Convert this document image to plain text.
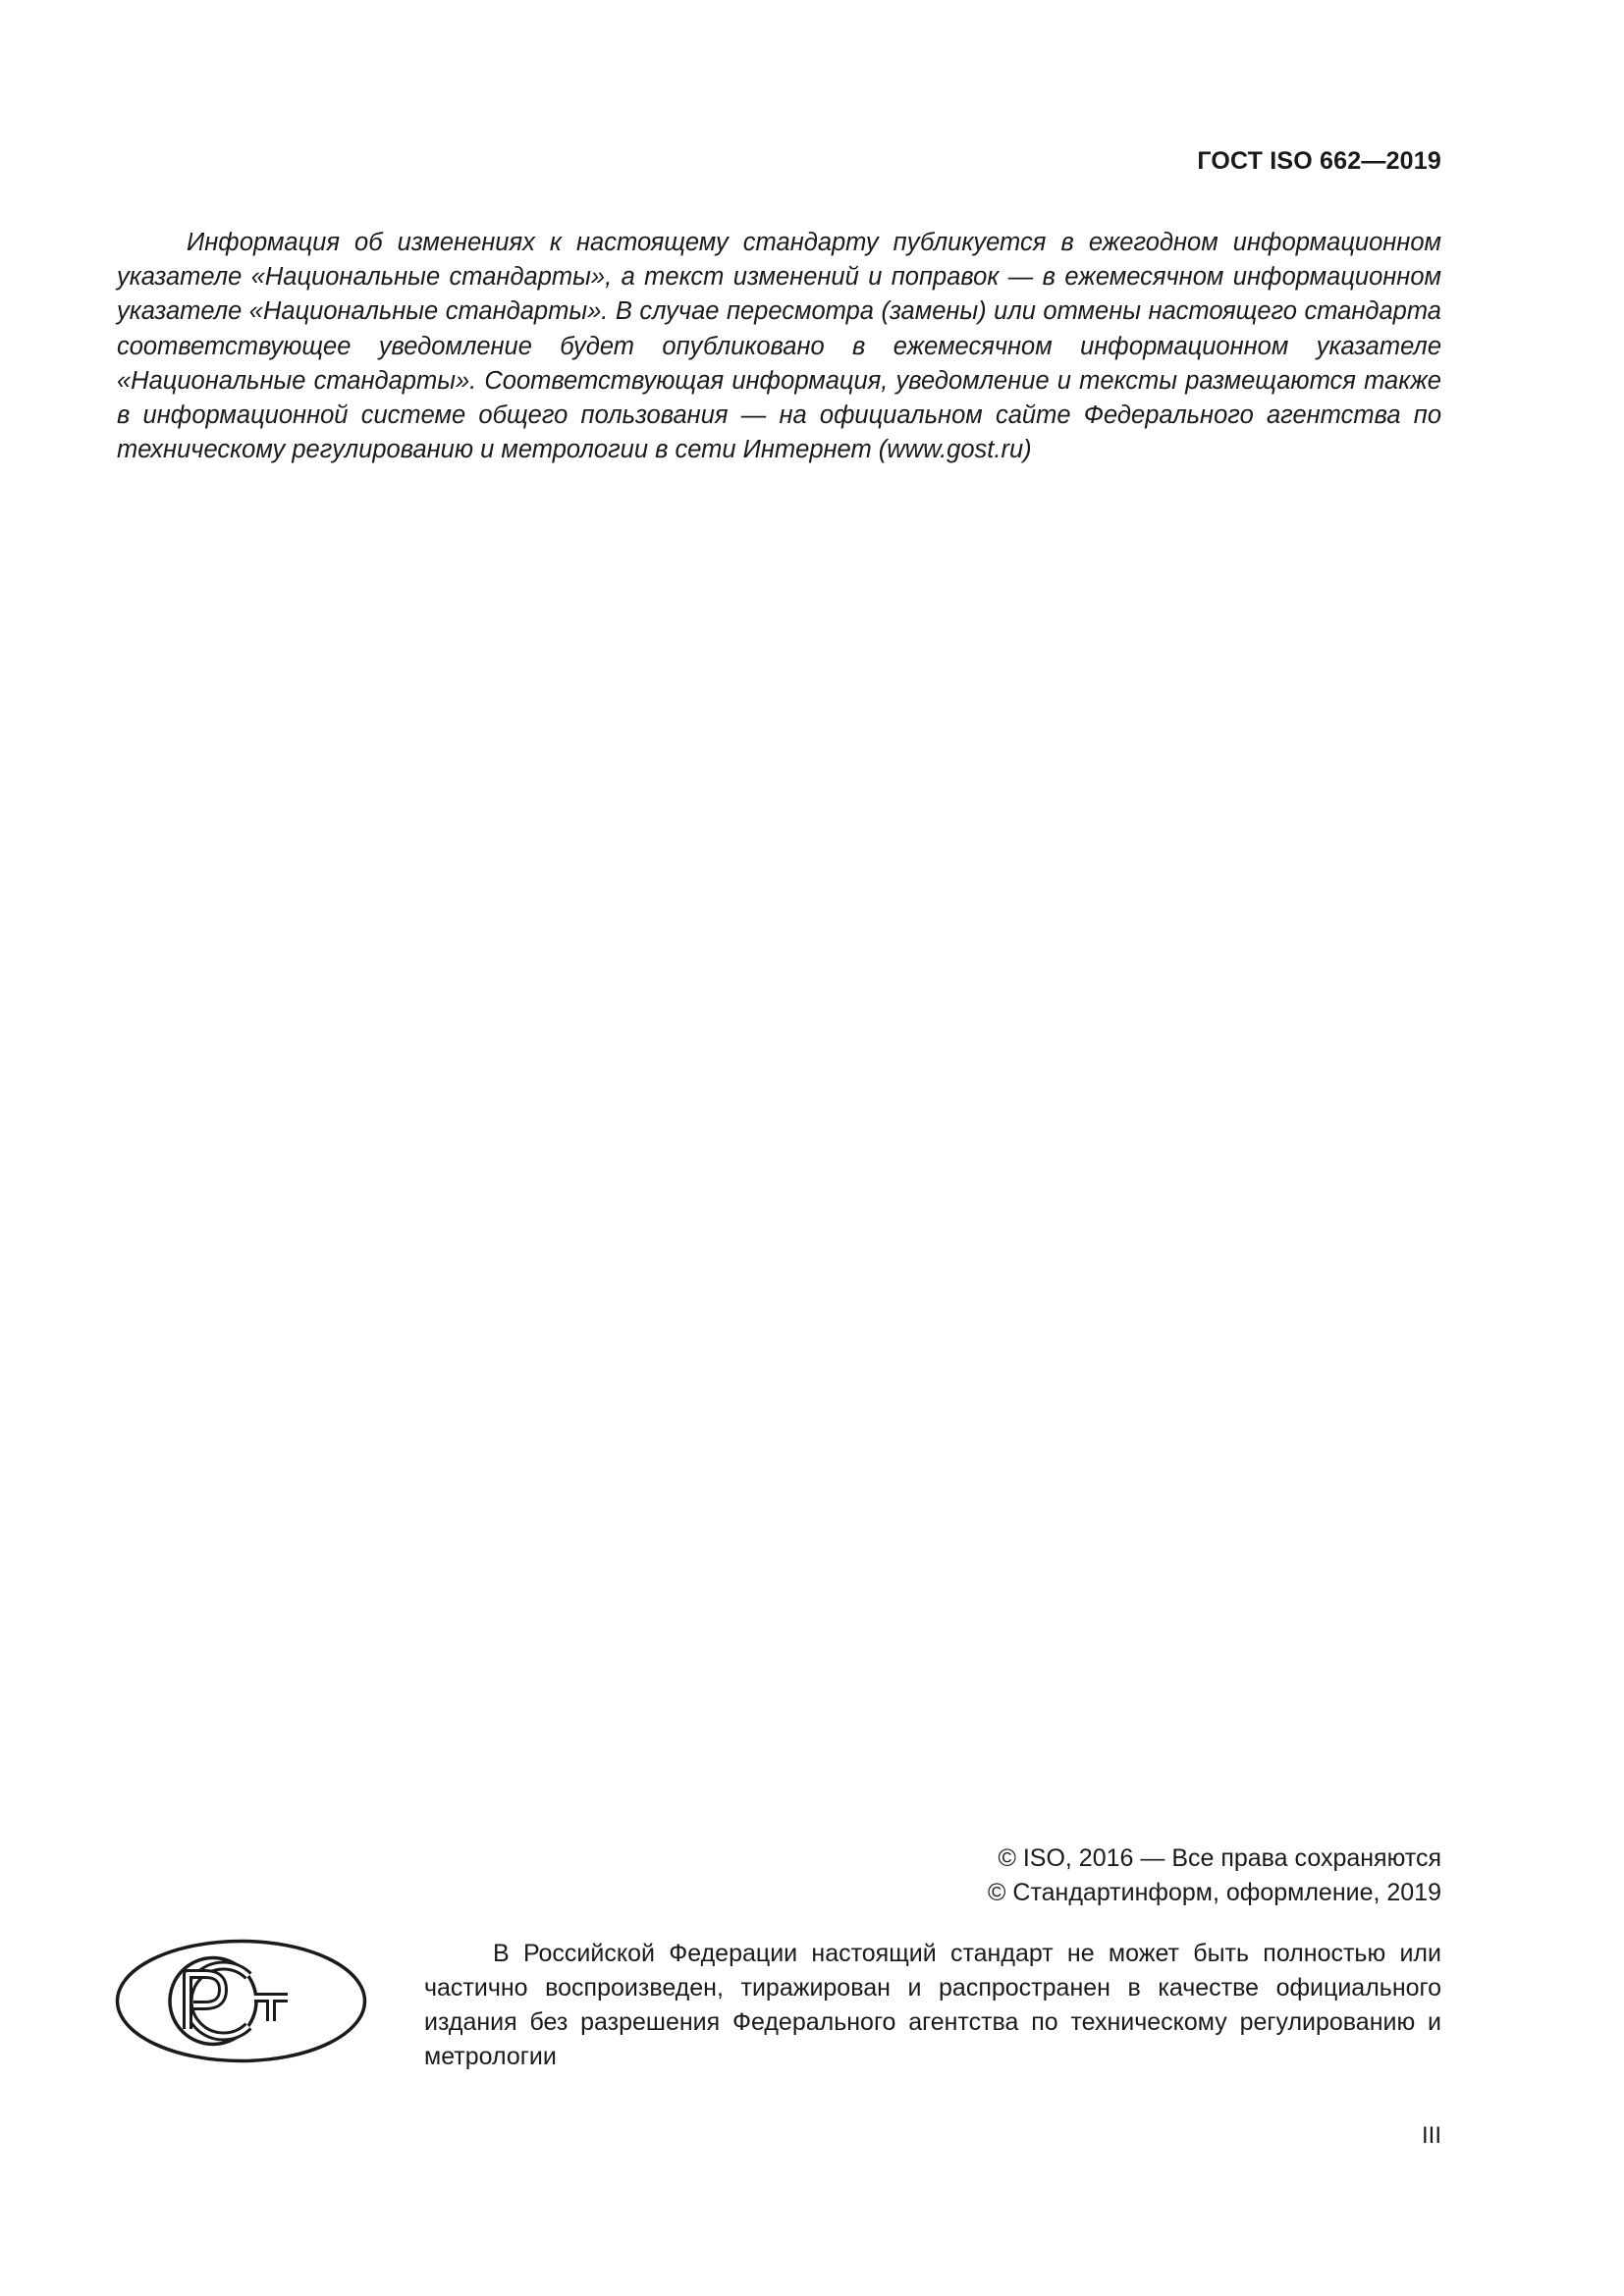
ГОСТ ISO 662—2019

Информация об изменениях к настоящему стандарту публикуется в ежегодном информационном указателе «Национальные стандарты», а текст изменений и поправок — в ежемесячном информационном указателе «Национальные стандарты». В случае пересмотра (замены) или отмены настоящего стандарта соответствующее уведомление будет опубликовано в ежемесячном информационном указателе «Национальные стандарты». Соответствующая информация, уведомление и тексты размещаются также в информационной системе общего пользования — на официальном сайте Федерального агентства по техническому регулированию и метрологии в сети Интернет (www.gost.ru)

© ISO, 2016 — Все права сохраняются
© Стандартинформ, оформление, 2019

В Российской Федерации настоящий стандарт не может быть полностью или частично воспроизведен, тиражирован и распространен в качестве официального издания без разрешения Федерального агентства по техническому регулированию и метрологии

III
